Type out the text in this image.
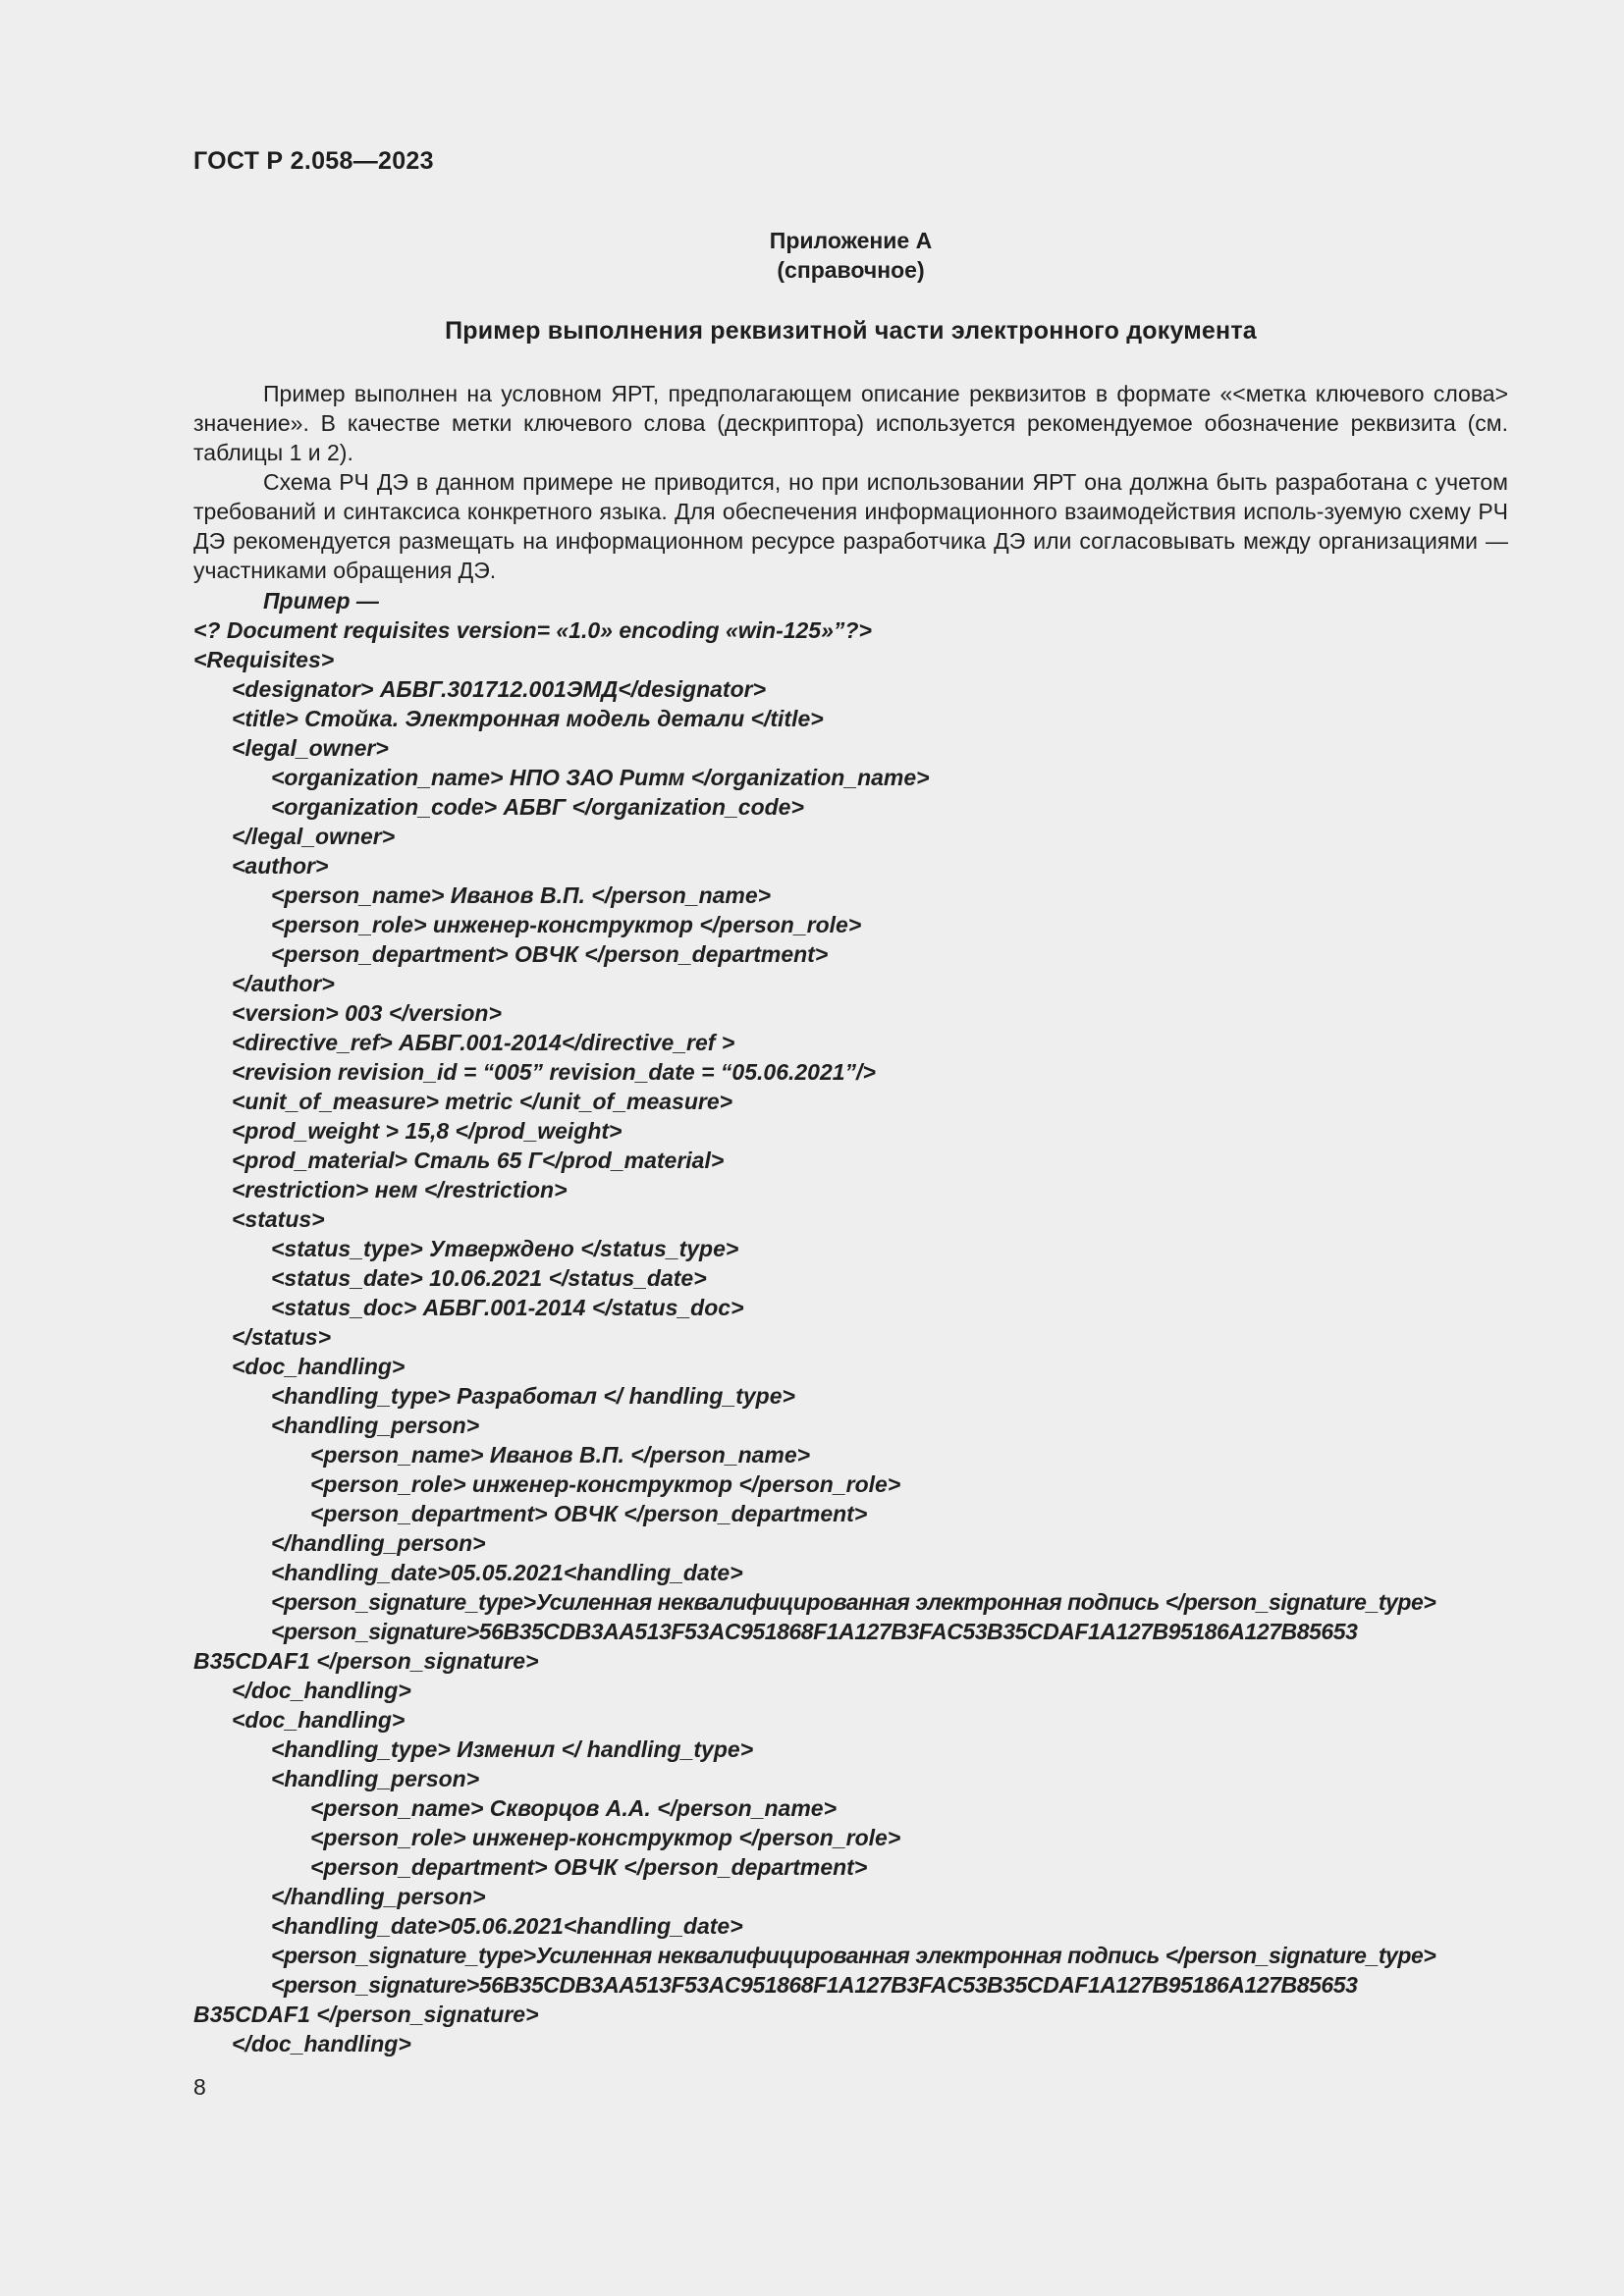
ГОСТ Р 2.058—2023
Приложение А
(справочное)
Пример выполнения реквизитной части электронного документа

Пример выполнен на условном ЯРТ, предполагающем описание реквизитов в формате «<метка ключевого слова> значение». В качестве метки ключевого слова (дескриптора) используется рекомендуемое обозначение реквизита (см. таблицы 1 и 2).

Схема РЧ ДЭ в данном примере не приводится, но при использовании ЯРТ она должна быть разработана с учетом требований и синтаксиса конкретного языка. Для обеспечения информационного взаимодействия исполь-зуемую схему РЧ ДЭ рекомендуется размещать на информационном ресурсе разработчика ДЭ или согласовывать между организациями — участниками обращения ДЭ.

Пример —
<? Document requisites version= «1.0» encoding «win-125»”?>
<Requisites>
<designator> АБВГ.301712.001ЭМД</designator>
<title> Стойка. Электронная модель детали </title>
<legal_owner>
<organization_name> НПО ЗАО Ритм </organization_name>
<organization_code> АБВГ </organization_code>
</legal_owner>
<author>
<person_name> Иванов В.П. </person_name>
<person_role> инженер-конструктор </person_role>
<person_department> ОВЧК </person_department>
</author>
<version> 003 </version>
<directive_ref> АБВГ.001-2014</directive_ref >
<revision revision_id = “005” revision_date = “05.06.2021”/>
<unit_of_measure> metric </unit_of_measure>
<prod_weight > 15,8 </prod_weight>
<prod_material> Сталь 65 Г</prod_material>
<restriction> нем </restriction>
<status>
<status_type> Утверждено </status_type>
<status_date> 10.06.2021 </status_date>
<status_doc> АБВГ.001-2014 </status_doc>
</status>
<doc_handling>
<handling_type> Разработал </ handling_type>
<handling_person>
<person_name> Иванов В.П. </person_name>
<person_role> инженер-конструктор </person_role>
<person_department> ОВЧК </person_department>
</handling_person>
<handling_date>05.05.2021<handling_date>
<person_signature_type>Усиленная неквалифицированная электронная подпись </person_signature_type>
<person_signature>56B35CDB3AA513F53AC951868F1A127B3FAC53B35CDAF1A127B95186A127B85653
B35CDAF1 </person_signature>
</doc_handling>
<doc_handling>
<handling_type> Изменил </ handling_type>
<handling_person>
<person_name> Скворцов А.А. </person_name>
<person_role> инженер-конструктор </person_role>
<person_department> ОВЧК </person_department>
</handling_person>
<handling_date>05.06.2021<handling_date>
<person_signature_type>Усиленная неквалифицированная электронная подпись </person_signature_type>
<person_signature>56B35CDB3AA513F53AC951868F1A127B3FAC53B35CDAF1A127B95186A127B85653
B35CDAF1 </person_signature>
</doc_handling>
8
